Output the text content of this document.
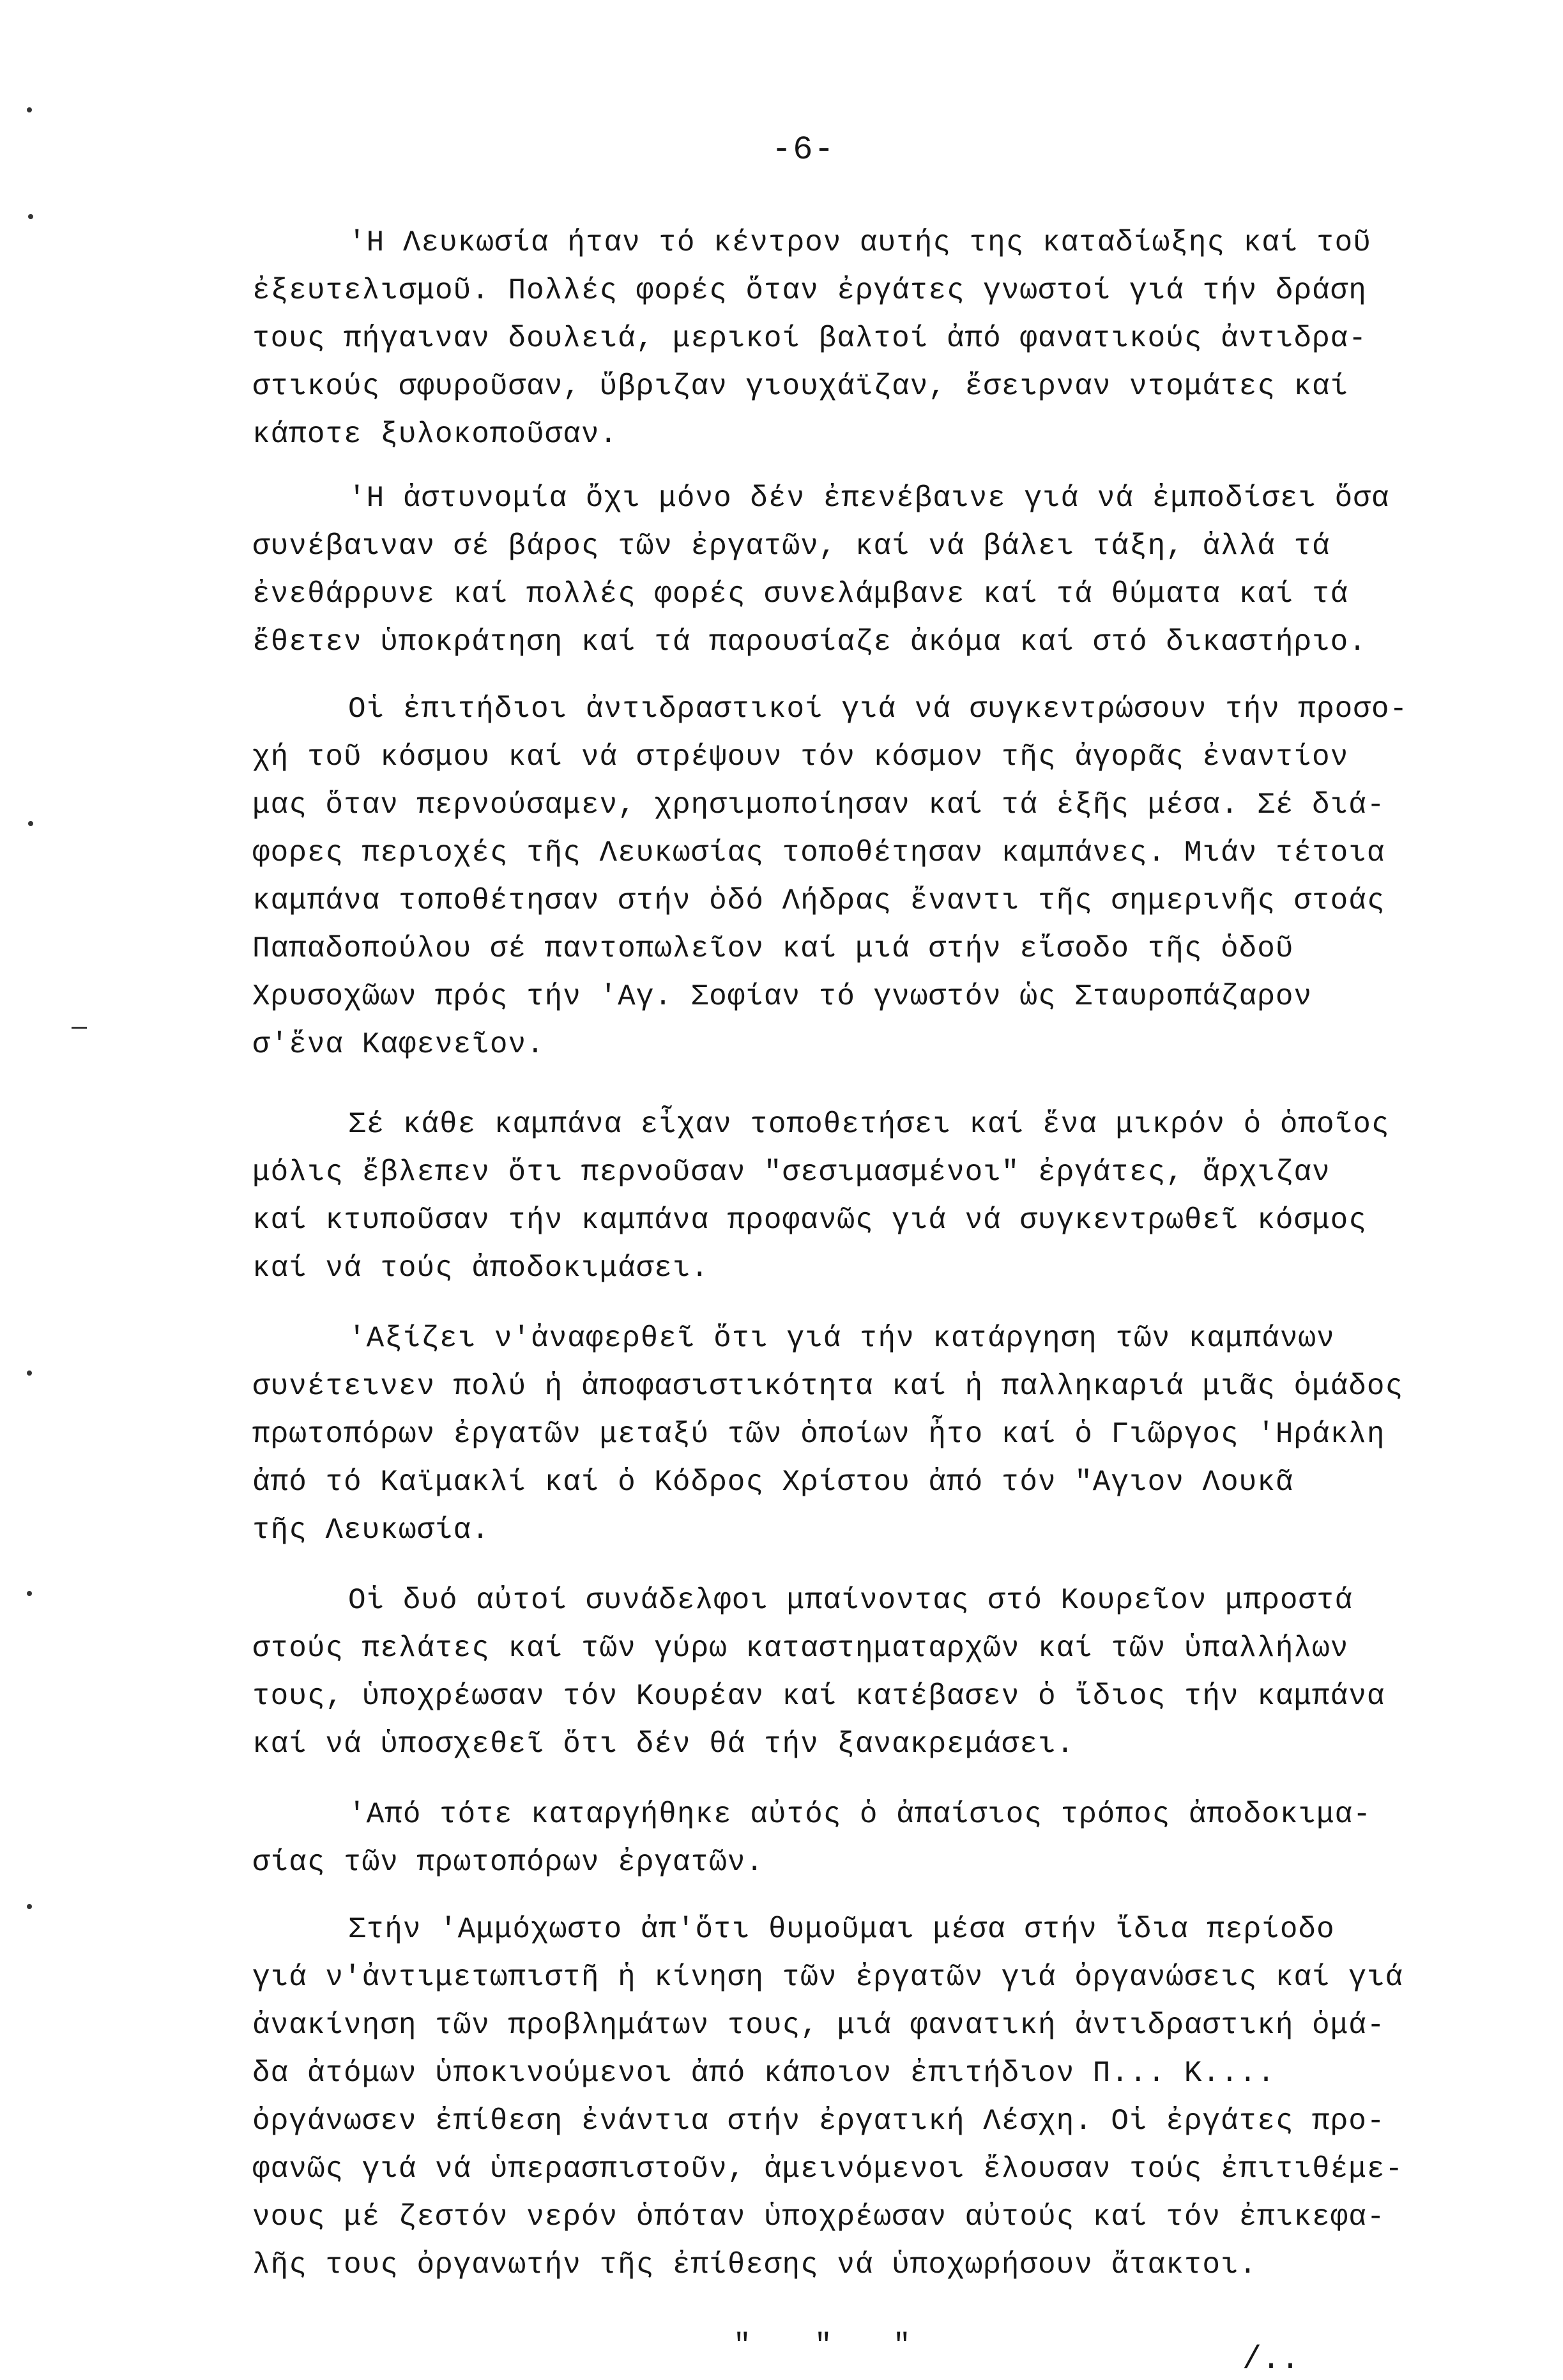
-6-
'Η Λευκωσία ήταν τό κέντρον αυτής της καταδίωξης καί τοῦ
ἐξευτελισμοῦ. Πολλές φορές ὅταν ἐργάτες γνωστοί γιά τήν δράση
τους πήγαιναν δουλειά, μερικοί βαλτοί ἀπό φανατικούς ἀντιδρα-
στικούς σφυροῦσαν, ὕβριζαν γιουχάϊζαν, ἔσειρναν ντομάτες καί
κάποτε ξυλοκοποῦσαν.
'Η ἀστυνομία ὄχι μόνο δέν ἐπενέβαινε γιά νά ἐμποδίσει ὅσα
συνέβαιναν σέ βάρος τῶν ἐργατῶν, καί νά βάλει τάξη, ἀλλά τά
ἐνεθάρρυνε καί πολλές φορές συνελάμβανε καί τά θύματα καί τά
ἔθετεν ὑποκράτηση καί τά παρουσίαζε ἀκόμα καί στό δικαστήριο.
Οἱ ἐπιτήδιοι ἀντιδραστικοί γιά νά συγκεντρώσουν τήν προσο-
χή τοῦ κόσμου καί νά στρέψουν τόν κόσμον τῆς ἀγορᾶς ἐναντίον
μας ὅταν περνούσαμεν, χρησιμοποίησαν καί τά ἑξῆς μέσα. Σέ διά-
φορες περιοχές τῆς Λευκωσίας τοποθέτησαν καμπάνες. Μιάν τέτοια
καμπάνα τοποθέτησαν στήν ὁδό Λήδρας ἔναντι τῆς σημερινῆς στοάς
Παπαδοπούλου σέ παντοπωλεῖον καί μιά στήν εἴσοδο τῆς ὁδοῦ
Χρυσοχῶων πρός τήν 'Αγ. Σοφίαν τό γνωστόν ὡς Σταυροπάζαρον
σ'ἕνα Καφενεῖον.
Σέ κάθε καμπάνα εἶχαν τοποθετήσει καί ἕνα μικρόν ὁ ὁποῖος
μόλις ἔβλεπεν ὅτι περνοῦσαν "σεσιμασμένοι" ἐργάτες, ἄρχιζαν
καί κτυποῦσαν τήν καμπάνα προφανῶς γιά νά συγκεντρωθεῖ κόσμος
καί νά τούς ἀποδοκιμάσει.
'Αξίζει ν'ἀναφερθεῖ ὅτι γιά τήν κατάργηση τῶν καμπάνων
συνέτεινεν πολύ ἡ ἀποφασιστικότητα καί ἡ παλληκαριά μιᾶς ὁμάδος
πρωτοπόρων ἐργατῶν μεταξύ τῶν ὁποίων ἦτο καί ὁ Γιῶργος 'Ηράκλη
ἀπό τό Καϊμακλί καί ὁ Κόδρος Χρίστου ἀπό τόν "Αγιον Λουκᾶ
τῆς Λευκωσία.
Οἱ δυό αὐτοί συνάδελφοι μπαίνοντας στό Κουρεῖον μπροστά
στούς πελάτες καί τῶν γύρω καταστηματαρχῶν καί τῶν ὑπαλλήλων
τους, ὑποχρέωσαν τόν Κουρέαν καί κατέβασεν ὁ ἴδιος τήν καμπάνα
καί νά ὑποσχεθεῖ ὅτι δέν θά τήν ξανακρεμάσει.
'Από τότε καταργήθηκε αὐτός ὁ ἀπαίσιος τρόπος ἀποδοκιμα-
σίας τῶν πρωτοπόρων ἐργατῶν.
Στήν 'Αμμόχωστο ἀπ'ὅτι θυμοῦμαι μέσα στήν ἴδια περίοδο
γιά ν'ἀντιμετωπιστῆ ἡ κίνηση τῶν ἐργατῶν γιά ὀργανώσεις καί γιά
ἀνακίνηση τῶν προβλημάτων τους, μιά φανατική ἀντιδραστική ὁμά-
δα ἀτόμων ὑποκινούμενοι ἀπό κάποιον ἐπιτήδιον Π... Κ....
ὀργάνωσεν ἐπίθεση ἐνάντια στήν ἐργατική Λέσχη. Οἱ ἐργάτες προ-
φανῶς γιά νά ὑπερασπιστοῦν, ἀμεινόμενοι ἔλουσαν τούς ἐπιτιθέμε-
νους μέ ζεστόν νερόν ὁπόταν ὑποχρέωσαν αὐτούς καί τόν ἐπικεφα-
λῆς τους ὀργανωτήν τῆς ἐπίθεσης νά ὑποχωρήσουν ἄτακτοι.
" " "	/..
